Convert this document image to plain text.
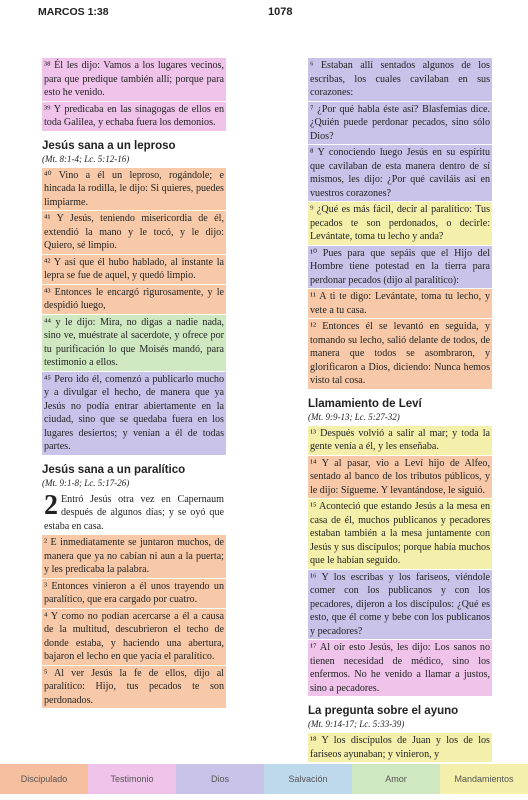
MARCOS 1:38	1078
³⁸ Él les dijo: Vamos a los lugares vecinos, para que predique también allí; porque para esto he venido.
³⁹ Y predicaba en las sinagogas de ellos en toda Galilea, y echaba fuera los demonios.
Jesús sana a un leproso
(Mt. 8:1-4; Lc. 5:12-16)
⁴⁰ Vino a él un leproso, rogándole; e hincada la rodilla, le dijo: Si quieres, puedes limpiarme.
⁴¹ Y Jesús, teniendo misericordia de él, extendió la mano y le tocó, y le dijo: Quiero, sé limpio.
⁴² Y así que él hubo hablado, al instante la lepra se fue de aquel, y quedó limpio.
⁴³ Entonces le encargó rigurosamente, y le despidió luego,
⁴⁴ y le dijo: Mira, no digas a nadie nada, sino ve, muéstrate al sacerdote, y ofrece por tu purificación lo que Moisés mandó, para testimonio a ellos.
⁴⁵ Pero ido él, comenzó a publicarlo mucho y a divulgar el hecho, de manera que ya Jesús no podía entrar abiertamente en la ciudad, sino que se quedaba fuera en los lugares desiertos; y venían a él de todas partes.
Jesús sana a un paralítico
(Mt. 9:1-8; Lc. 5:17-26)
2 Entró Jesús otra vez en Capernaum después de algunos días; y se oyó que estaba en casa.
² E inmediatamente se juntaron muchos, de manera que ya no cabían ni aun a la puerta; y les predicaba la palabra.
³ Entonces vinieron a él unos trayendo un paralítico, que era cargado por cuatro.
⁴ Y como no podían acercarse a él a causa de la multitud, descubrieron el techo de donde estaba, y haciendo una abertura, bajaron el lecho en que yacía el paralítico.
⁵ Al ver Jesús la fe de ellos, dijo al paralítico: Hijo, tus pecados te son perdonados.
⁶ Estaban allí sentados algunos de los escribas, los cuales cavilaban en sus corazones:
⁷ ¿Por qué habla éste así? Blasfemias dice. ¿Quién puede perdonar pecados, sino sólo Dios?
⁸ Y conociendo luego Jesús en su espíritu que cavilaban de esta manera dentro de sí mismos, les dijo: ¿Por qué caviláis así en vuestros corazones?
⁹ ¿Qué es más fácil, decir al paralítico: Tus pecados te son perdonados, o decirle: Levántate, toma tu lecho y anda?
¹⁰ Pues para que sepáis que el Hijo del Hombre tiene potestad en la tierra para perdonar pecados (dijo al paralítico):
¹¹ A ti te digo: Levántate, toma tu lecho, y vete a tu casa.
¹² Entonces él se levantó en seguida, y tomando su lecho, salió delante de todos, de manera que todos se asombraron, y glorificaron a Dios, diciendo: Nunca hemos visto tal cosa.
Llamamiento de Leví
(Mt. 9:9-13; Lc. 5:27-32)
¹³ Después volvió a salir al mar; y toda la gente venía a él, y les enseñaba.
¹⁴ Y al pasar, vio a Leví hijo de Alfeo, sentado al banco de los tributos públicos, y le dijo: Sígueme. Y levantándose, le siguió.
¹⁵ Aconteció que estando Jesús a la mesa en casa de él, muchos publicanos y pecadores estaban también a la mesa juntamente con Jesús y sus discípulos; porque había muchos que le habían seguido.
¹⁶ Y los escribas y los fariseos, viéndole comer con los publicanos y con los pecadores, dijeron a los discípulos: ¿Qué es esto, que él come y bebe con los publicanos y pecadores?
¹⁷ Al oír esto Jesús, les dijo: Los sanos no tienen necesidad de médico, sino los enfermos. No he venido a llamar a justos, sino a pecadores.
La pregunta sobre el ayuno
(Mt. 9:14-17; Lc. 5:33-39)
¹⁸ Y los discípulos de Juan y los de los fariseos ayunaban; y vinieron, y
Discipulado	Testimonio	Dios	Salvación	Amor	Mandamientos
